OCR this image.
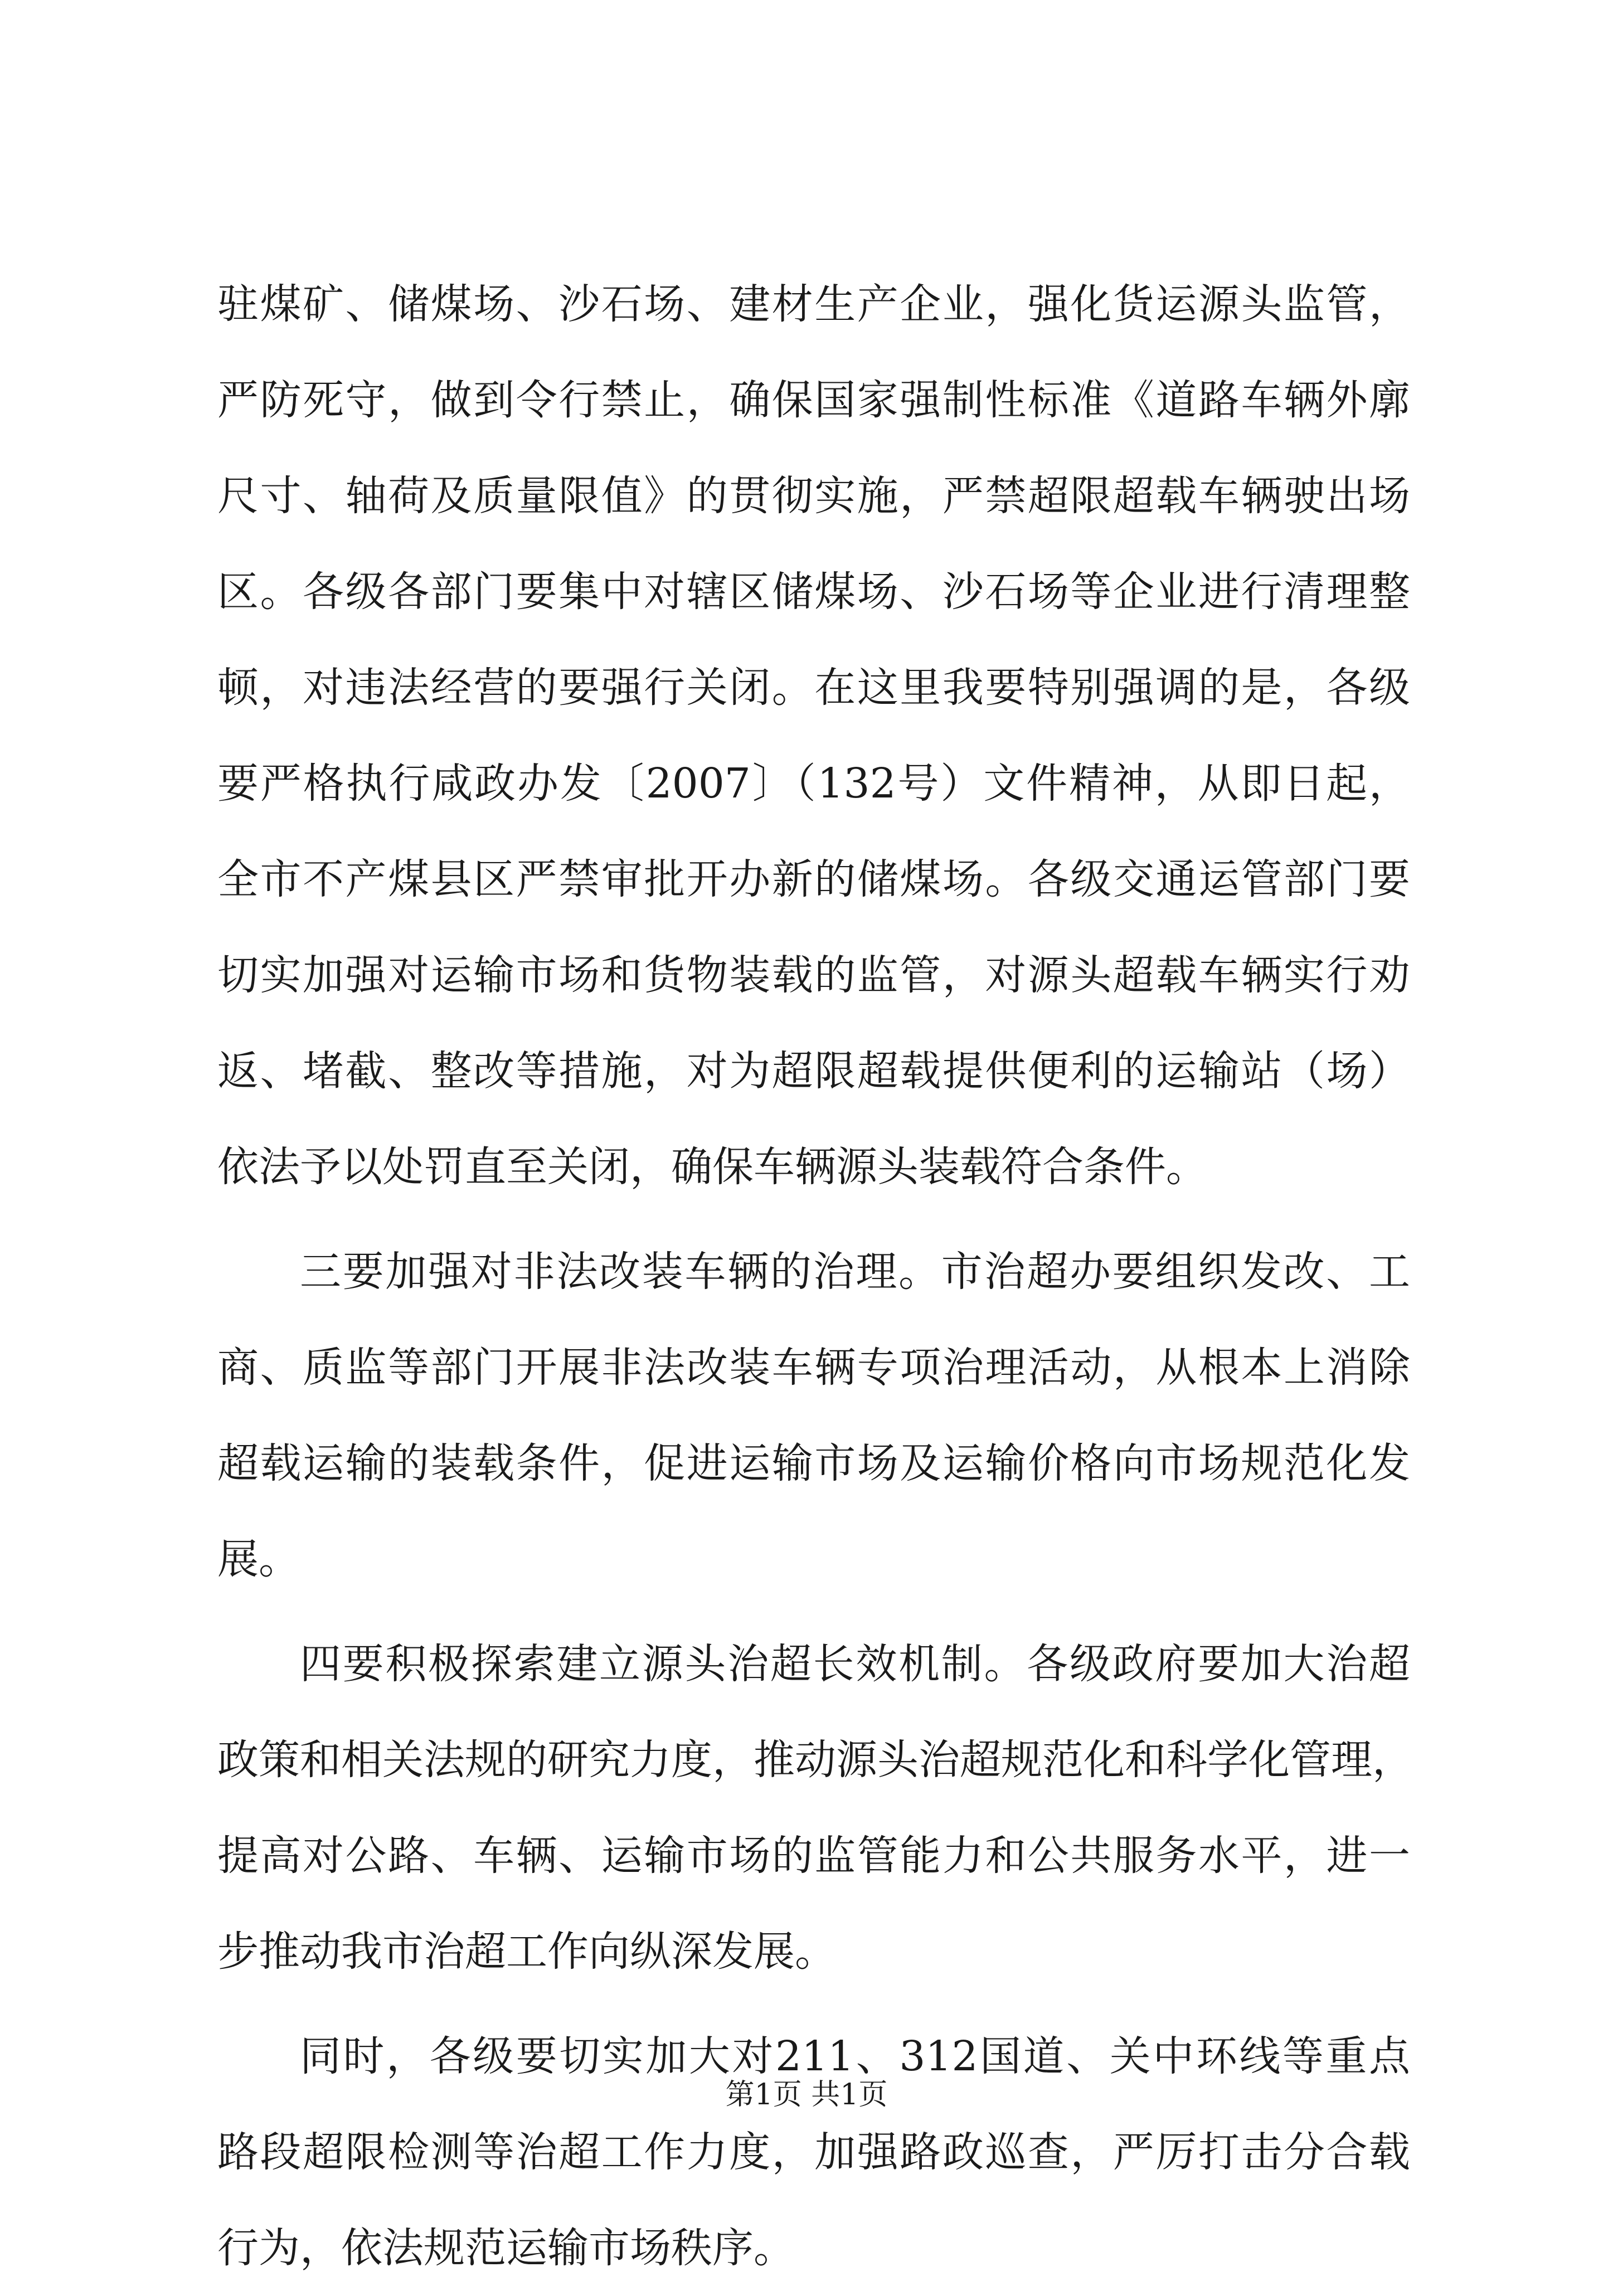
驻煤矿、储煤场、沙石场、建材生产企业，强化货运源头监管，
严防死守，做到令行禁止，确保国家强制性标准《道路车辆外廓
尺寸、轴荷及质量限值》的贯彻实施，严禁超限超载车辆驶出场
区。各级各部门要集中对辖区储煤场、沙石场等企业进行清理整
顿，对违法经营的要强行关闭。在这里我要特别强调的是，各级
要严格执行咸政办发〔2007〕（132号）文件精神，从即日起，
全市不产煤县区严禁审批开办新的储煤场。各级交通运管部门要
切实加强对运输市场和货物装载的监管，对源头超载车辆实行劝
返、堵截、整改等措施，对为超限超载提供便利的运输站（场）
依法予以处罚直至关闭，确保车辆源头装载符合条件。
三要加强对非法改装车辆的治理。市治超办要组织发改、工
商、质监等部门开展非法改装车辆专项治理活动，从根本上消除
超载运输的装载条件，促进运输市场及运输价格向市场规范化发
展。
四要积极探索建立源头治超长效机制。各级政府要加大治超
政策和相关法规的研究力度，推动源头治超规范化和科学化管理，
提高对公路、车辆、运输市场的监管能力和公共服务水平，进一
步推动我市治超工作向纵深发展。
同时，各级要切实加大对211、312国道、关中环线等重点
路段超限检测等治超工作力度，加强路政巡查，严厉打击分合载
行为，依法规范运输市场秩序。
第1页 共1页
